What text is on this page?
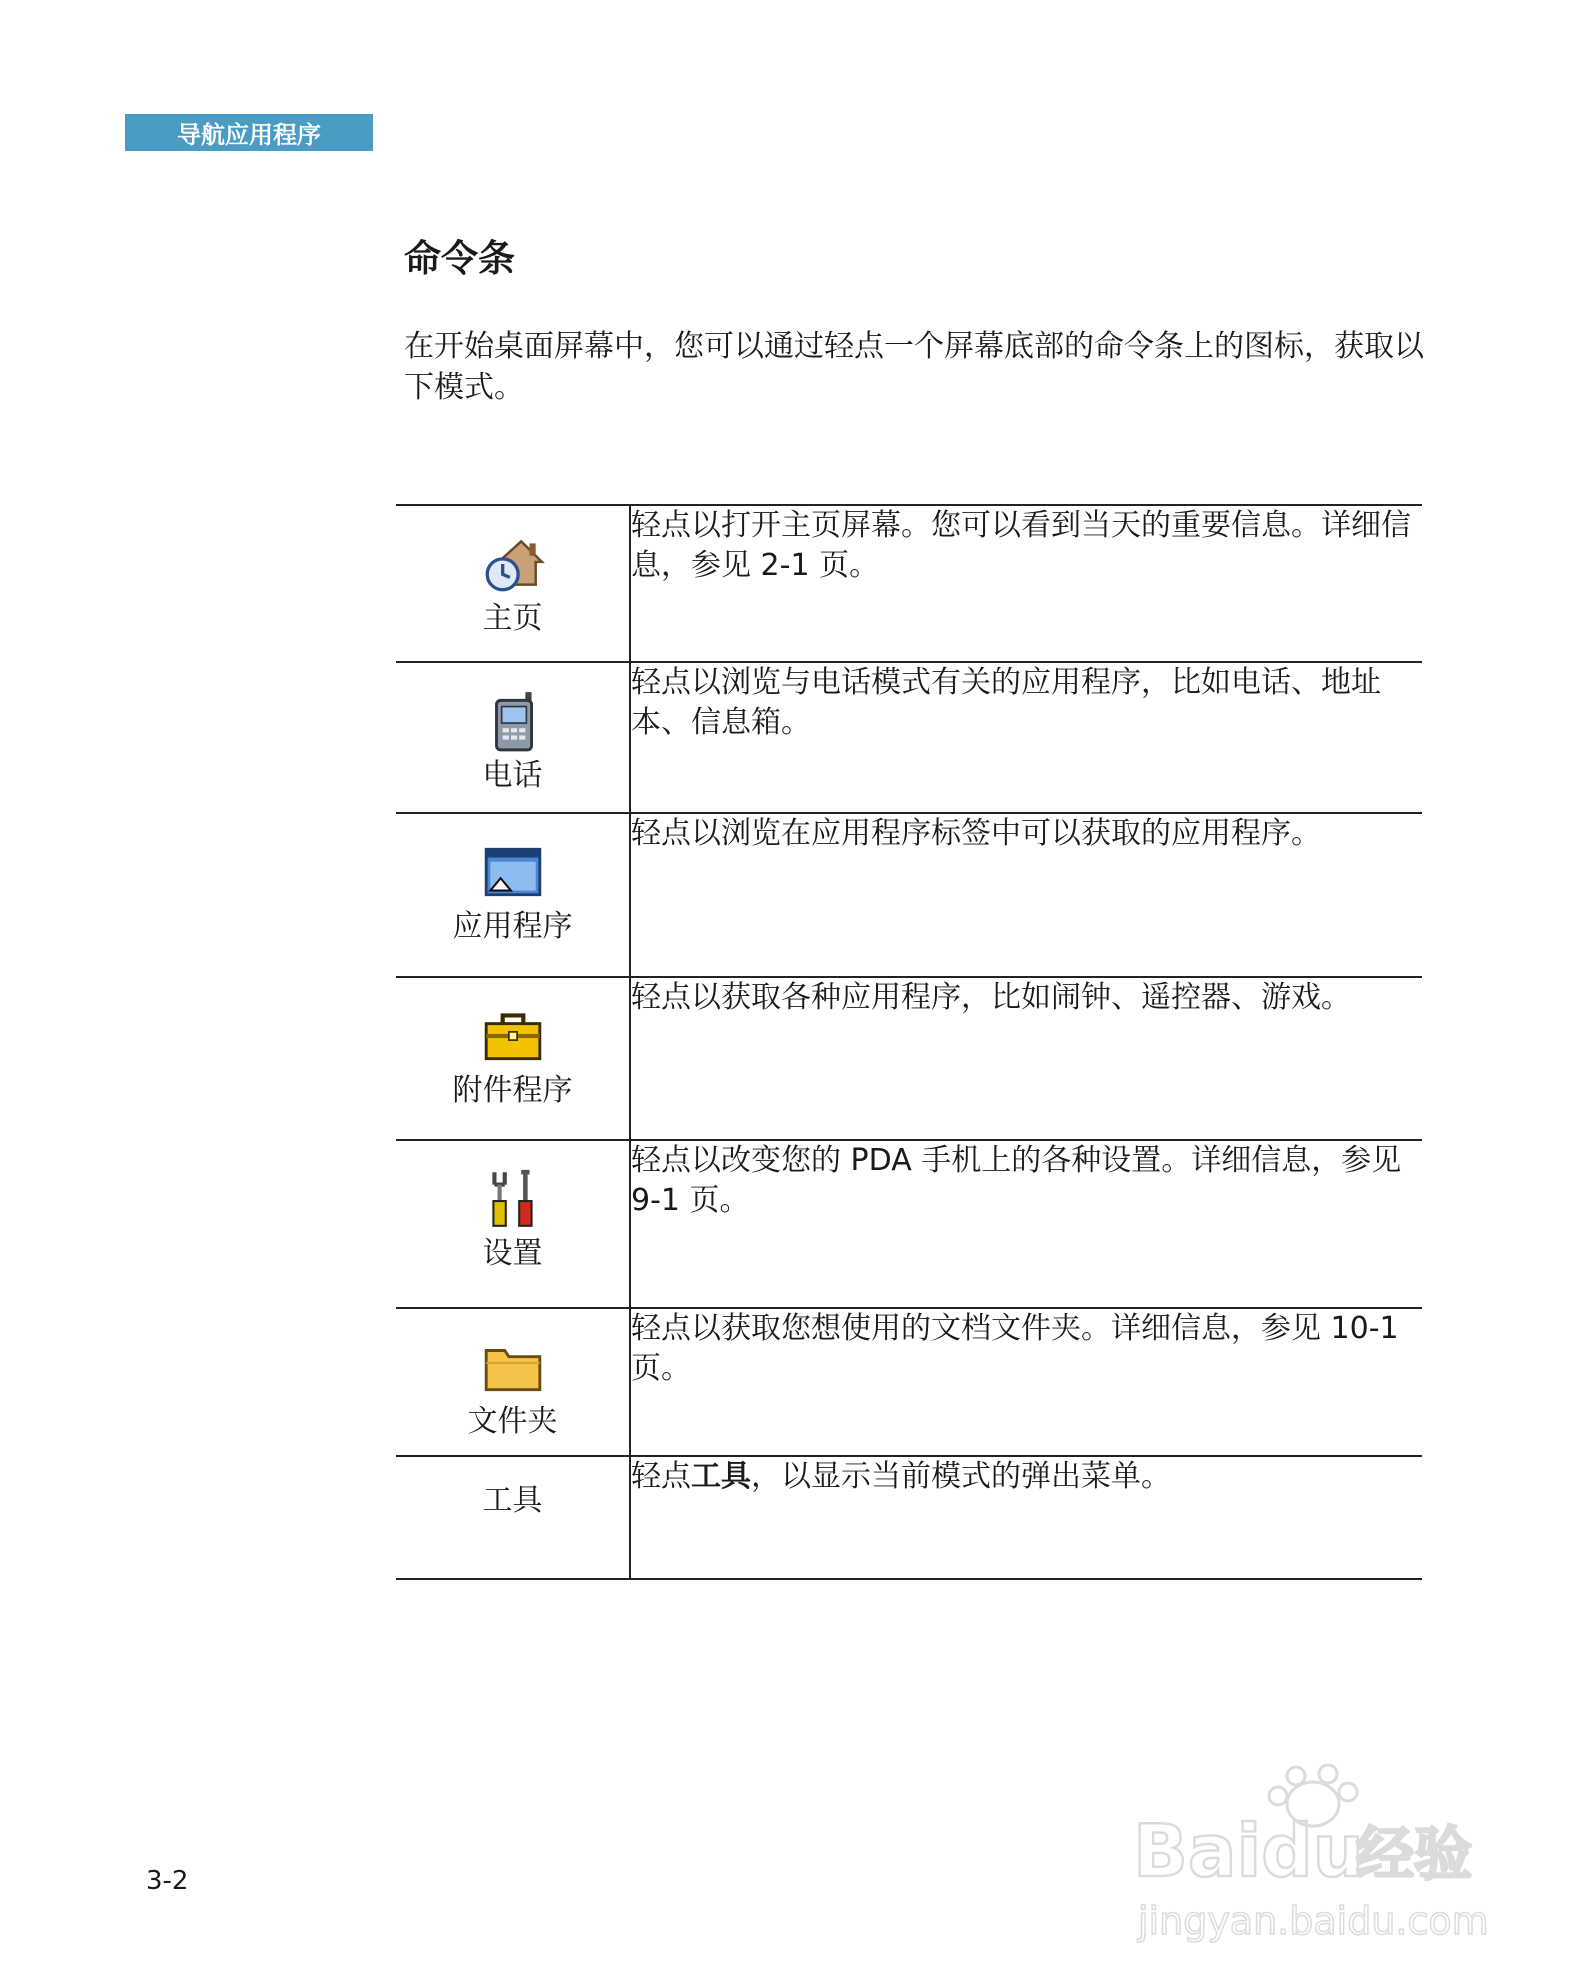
导航应用程序
命令条

在开始桌面屏幕中，您可以通过轻点一个屏幕底部的命令条上的图标，获取以下模式。

主页	轻点以打开主页屏幕。您可以看到当天的重要信息。详细信息，参见 2-1 页。

电话	轻点以浏览与电话模式有关的应用程序，比如电话、地址本、信息箱。

应用程序	轻点以浏览在应用程序标签中可以获取的应用程序。

附件程序	轻点以获取各种应用程序，比如闹钟、遥控器、游戏。

设置	轻点以改变您的 PDA 手机上的各种设置。详细信息，参见 9-1 页。

文件夹	轻点以获取您想使用的文档文件夹。详细信息，参见 10-1 页。

工具	轻点工具，以显示当前模式的弹出菜单。
3-2	Baidu
经验
jingyan.baidu.com
